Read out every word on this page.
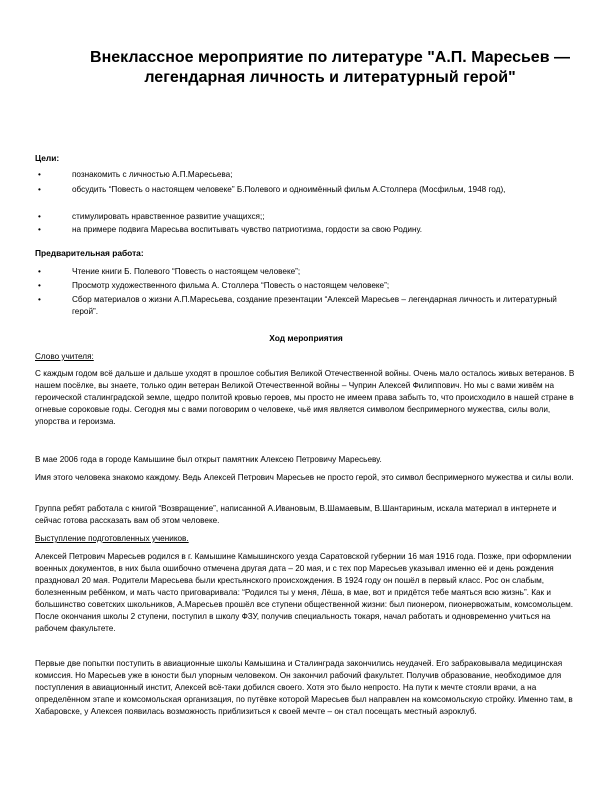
Внеклассное мероприятие по литературе "А.П. Маресьев — легендарная личность и литературный герой"
Цели:
•	познакомить с личностью А.П.Маресьева;
•	обсудить “Повесть о настоящем человеке” Б.Полевого и одноимённый фильм А.Столпера (Мосфильм, 1948 год),
•	стимулировать нравственное развитие учащихся;;
•	на примере подвига Маресьва воспитывать чувство патриотизма, гордости за свою Родину.
Предварительная работа:
•	Чтение книги Б. Полевого “Повесть о настоящем человеке”;
•	Просмотр художественного фильма А. Столлера “Повесть о настоящем человеке”;
•	Сбор материалов о жизни А.П.Маресьева, создание презентации “Алексей Маресьев – легендарная личность и литературный герой”.
Ход мероприятия
Слово учителя:
С каждым годом всё дальше и дальше уходят в прошлое события Великой Отечественной войны. Очень мало осталось живых ветеранов. В нашем посёлке, вы знаете, только один ветеран Великой Отечественной войны – Чуприн Алексей Филиппович. Но мы с вами живём на героической сталинградской земле, щедро политой кровью героев, мы просто не имеем права забыть то, что происходило в нашей стране в огневые сороковые годы. Сегодня мы с вами поговорим о человеке, чьё имя является символом беспримерного мужества, силы воли, упорства и героизма.
В мае 2006 года в городе Камышине был открыт памятник Алексею Петровичу Маресьеву.
Имя этого человека знакомо каждому. Ведь Алексей Петрович Маресьев не просто герой, это символ беспримерного мужества и силы воли.
Группа ребят работала с книгой “Возвращение”, написанной А.Ивановым, В.Шамаевым, В.Шантариным, искала материал в интернете и сейчас готова рассказать вам об этом человеке.
Выступление подготовленных учеников.
Алексей Петрович Маресьев родился в г. Камышине Камышинского уезда Саратовской губернии 16 мая 1916 года. Позже, при оформлении военных документов, в них была ошибочно отмечена другая дата – 20 мая, и с тех пор Маресьев указывал именно её и день рождения праздновал 20 мая. Родители Маресьева были крестьянского происхождения. В 1924 году он пошёл в первый класс. Рос он слабым, болезненным ребёнком, и мать часто приговаривала: “Родился ты у меня, Лёша, в мае, вот и придётся тебе маяться всю жизнь”. Как и большинство советских школьников, А.Маресьев прошёл все ступени общественной жизни: был пионером, пионервожатым, комсомольцем. После окончания школы 2 ступени, поступил в школу ФЗУ, получив специальность токаря, начал работать и одновременно учиться на рабочем факультете.
Первые две попытки поступить в авиационные школы Камышина и Сталинграда закончились неудачей. Его забраковывала медицинская комиссия. Но Маресьев уже в юности был упорным человеком. Он закончил рабочий факультет. Получив образование, необходимое для поступления в авиационный инстит, Алексей всё-таки добился своего. Хотя это было непросто. На пути к мечте стояли врачи, а на определённом этапе и комсомольская организация, по путёвке которой Маресьев был направлен на комсомольскую стройку. Именно там, в Хабаровске, у Алексея появилась возможность приблизиться к своей мечте – он стал посещать местный аэроклуб.
